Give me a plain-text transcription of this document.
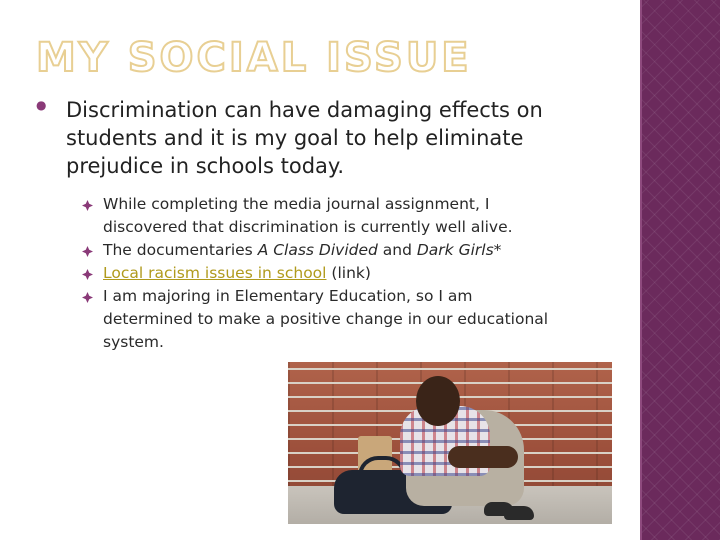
MY SOCIAL ISSUE
● Discrimination can have damaging effects on students and it is my goal to help eliminate prejudice in schools today.
While completing the media journal assignment, I discovered that discrimination is currently well alive.
The documentaries A Class Divided and Dark Girls*
Local racism issues in school (link)
I am majoring in Elementary Education, so I am determined to make a positive change in our educational system.
